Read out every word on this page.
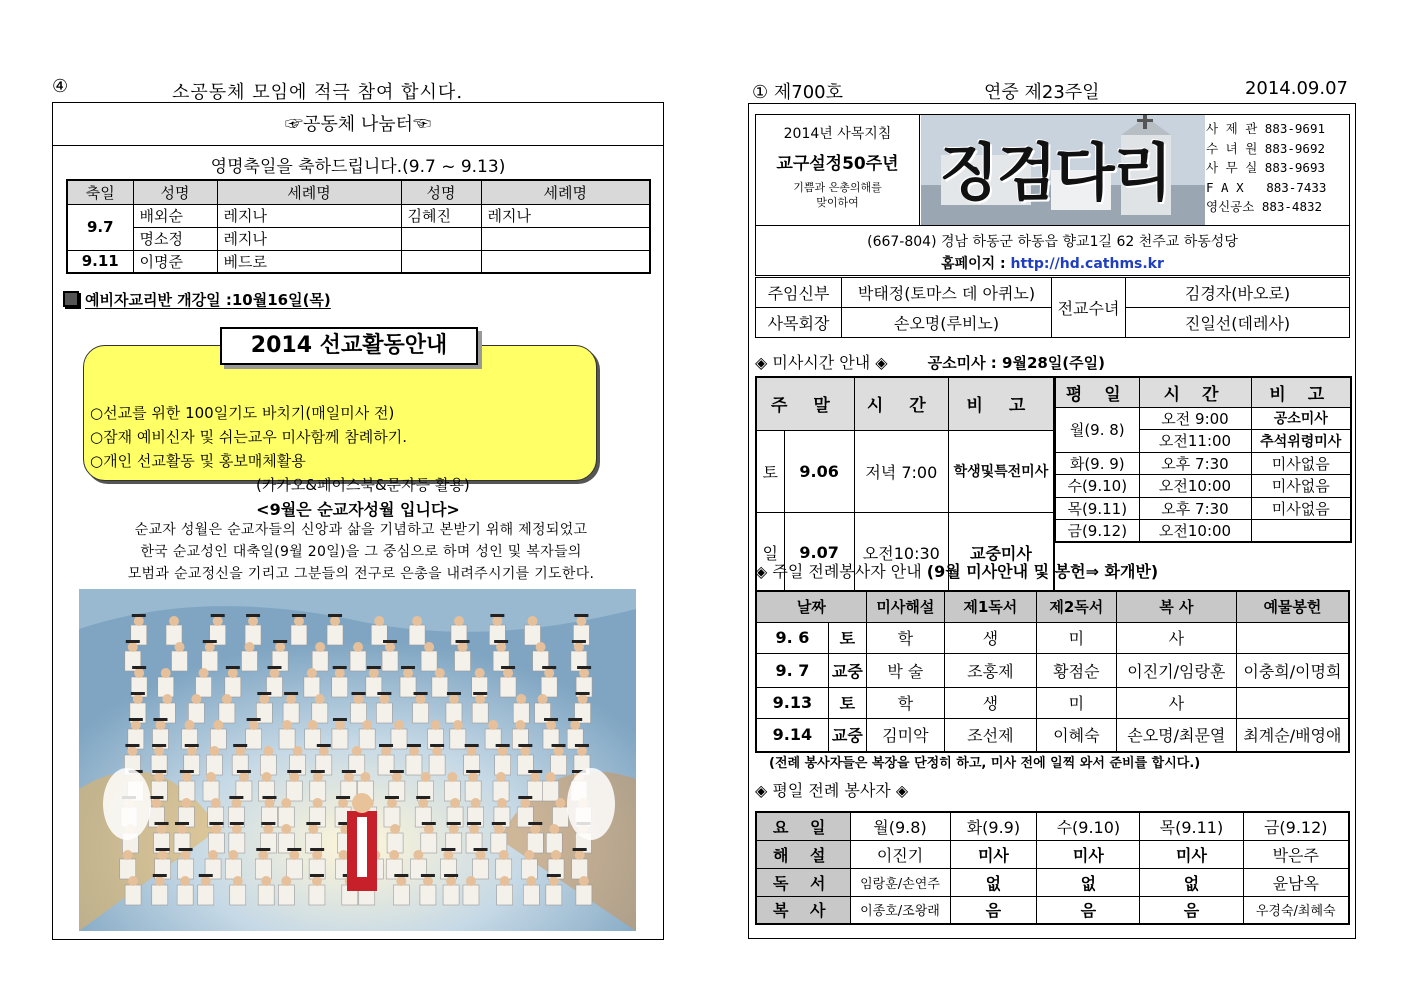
④	소공동체 모임에 적극 참여 합시다.
☞공동체 나눔터☜
영명축일을 축하드립니다.(9.7 ~ 9.13)
축일	성명	세례명	성명	세례명
9.7	배외순	레지나	김혜진	레지나
	명소정	레지나		
9.11	이명준	베드로		
예비자교리반 개강일 :10월16일(목)
2014 선교활동안내
○선교를 위한 100일기도 바치기(매일미사 전)
○잠재 예비신자 및 쉬는교우 미사함께 참례하기.
○개인 선교활동 및 홍보매체활용
(카카오&페이스북&문자등 활용)
<9월은 순교자성월 입니다>
순교자 성월은 순교자들의 신앙과 삶을 기념하고 본받기 위해 제정되었고
한국 순교성인 대축일(9월 20일)을 그 중심으로 하며 성인 및 복자들의
모범과 순교정신을 기리고 그분들의 전구로 은총을 내려주시기를 기도한다.
① 제700호	연중 제23주일	2014.09.07
2014년 사목지침
교구설정50주년
기쁨과 은총의해를
맞이하여	징검다리
사 제 관 883-9691
수 녀 원 883-9692
사 무 실 883-9693
F A X   883-7433
영신공소 883-4832
(667-804) 경남 하동군 하동읍 향교1길 62 천주교 하동성당
홈페이지 : http://hd.cathms.kr
주임신부	박태정(토마스 데 아퀴노)	전교수녀	김경자(바오로)
사목회장	손오명(루비노)		진일선(데레사)
◈ 미사시간 안내 ◈	공소미사 : 9월28일(주일)
주 말		시 간	비 고
토	9.06	저녁 7:00	학생및특전미사
일	9.07	오전10:30	교중미사
평 일	시 간	비 고
월(9. 8)	오전 9:00	공소미사
	오전11:00	추석위령미사
화(9. 9)	오후 7:30	미사없음
수(9.10)	오전10:00	미사없음
목(9.11)	오후 7:30	미사없음
금(9.12)	오전10:00	
◈ 주일 전례봉사자 안내 (9월 미사안내 및 봉헌⇒ 화개반)
날짜		미사해설	제1독서	제2독서	복 사	예물봉헌
9. 6	토	학	생	미	사	
9. 7	교중	박 술	조홍제	황점순	이진기/임랑훈	이충희/이명희
9.13	토	학	생	미	사	
9.14	교중	김미악	조선제	이혜숙	손오명/최문열	최계순/배영애
(전례 봉사자들은 복장을 단정히 하고, 미사 전에 일찍 와서 준비를 합시다.)
◈ 평일 전례 봉사자 ◈
요 일	월(9.8)	화(9.9)	수(9.10)	목(9.11)	금(9.12)
해 설	이진기	미사	미사	미사	박은주
독 서	임랑훈/손연주	없	없	없	윤남옥
복 사	이종호/조왕래	음	음	음	우경숙/최혜숙
